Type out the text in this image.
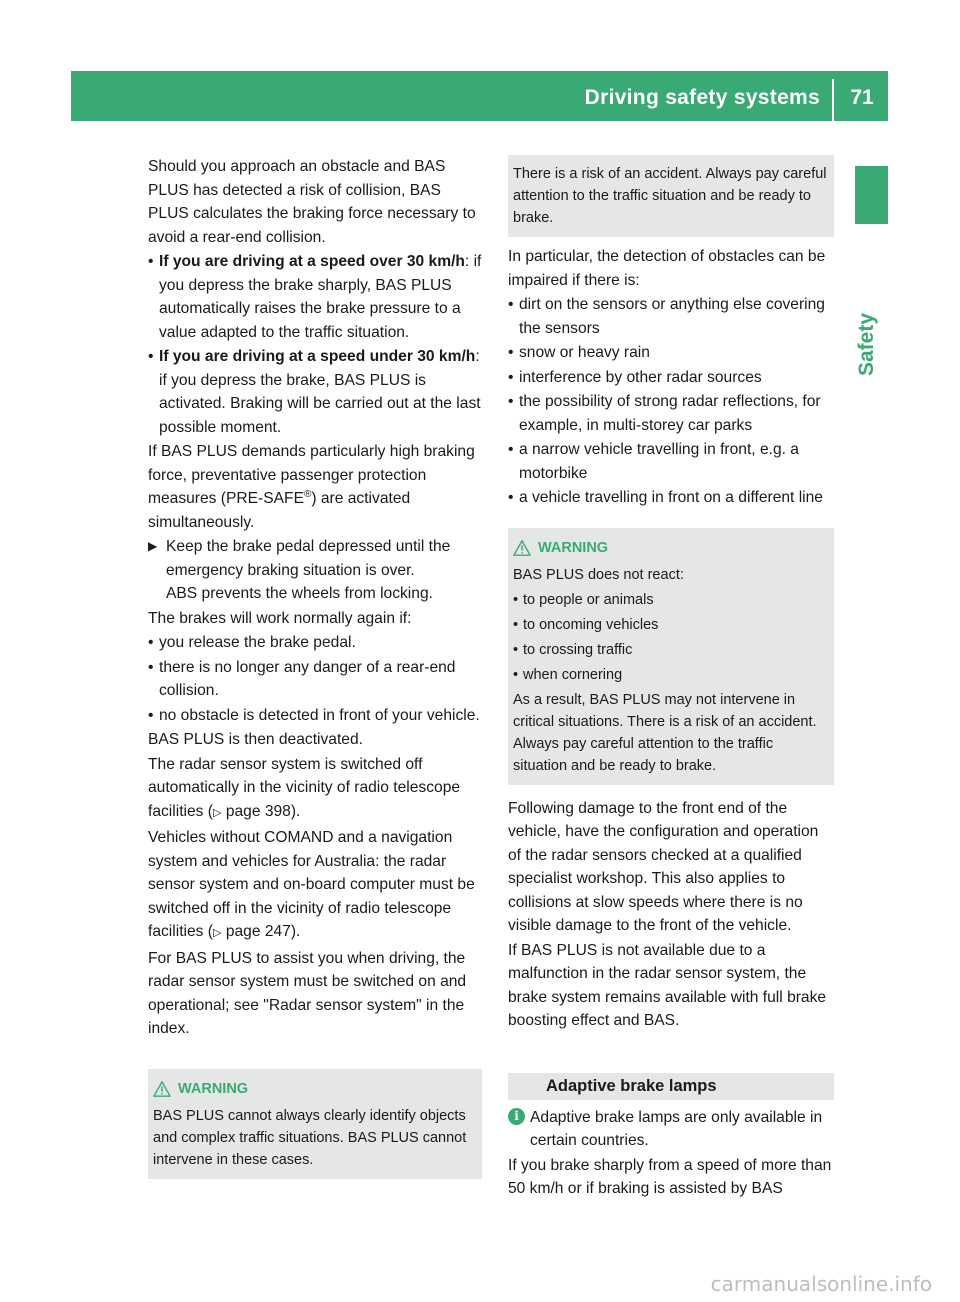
Driving safety systems	71
Safety

Should you approach an obstacle and BAS PLUS has detected a risk of collision, BAS PLUS calculates the braking force necessary to avoid a rear-end collision.

• If you are driving at a speed over 30 km/h: if you depress the brake sharply, BAS PLUS automatically raises the brake pressure to a value adapted to the traffic situation.
• If you are driving at a speed under 30 km/h: if you depress the brake, BAS PLUS is activated. Braking will be carried out at the last possible moment.

If BAS PLUS demands particularly high braking force, preventative passenger protection measures (PRE-SAFE®) are activated simultaneously.

▶ Keep the brake pedal depressed until the emergency braking situation is over.
ABS prevents the wheels from locking.

The brakes will work normally again if:

• you release the brake pedal.
• there is no longer any danger of a rear-end collision.
• no obstacle is detected in front of your vehicle.

BAS PLUS is then deactivated.

The radar sensor system is switched off automatically in the vicinity of radio telescope facilities (▷ page 398).

Vehicles without COMAND and a navigation system and vehicles for Australia: the radar sensor system and on-board computer must be switched off in the vicinity of radio telescope facilities (▷ page 247).

For BAS PLUS to assist you when driving, the radar sensor system must be switched on and operational; see "Radar sensor system" in the index.

WARNING
BAS PLUS cannot always clearly identify objects and complex traffic situations. BAS PLUS cannot intervene in these cases.
There is a risk of an accident. Always pay careful attention to the traffic situation and be ready to brake.

In particular, the detection of obstacles can be impaired if there is:

• dirt on the sensors or anything else covering the sensors
• snow or heavy rain
• interference by other radar sources
• the possibility of strong radar reflections, for example, in multi-storey car parks
• a narrow vehicle travelling in front, e.g. a motorbike
• a vehicle travelling in front on a different line
WARNING
BAS PLUS does not react:
• to people or animals
• to oncoming vehicles
• to crossing traffic
• when cornering
As a result, BAS PLUS may not intervene in critical situations. There is a risk of an accident. Always pay careful attention to the traffic situation and be ready to brake.

Following damage to the front end of the vehicle, have the configuration and operation of the radar sensors checked at a qualified specialist workshop. This also applies to collisions at slow speeds where there is no visible damage to the front of the vehicle.

If BAS PLUS is not available due to a malfunction in the radar sensor system, the brake system remains available with full brake boosting effect and BAS.

Adaptive brake lamps

i Adaptive brake lamps are only available in certain countries.

If you brake sharply from a speed of more than 50 km/h or if braking is assisted by BAS

carmanualsonline.info
